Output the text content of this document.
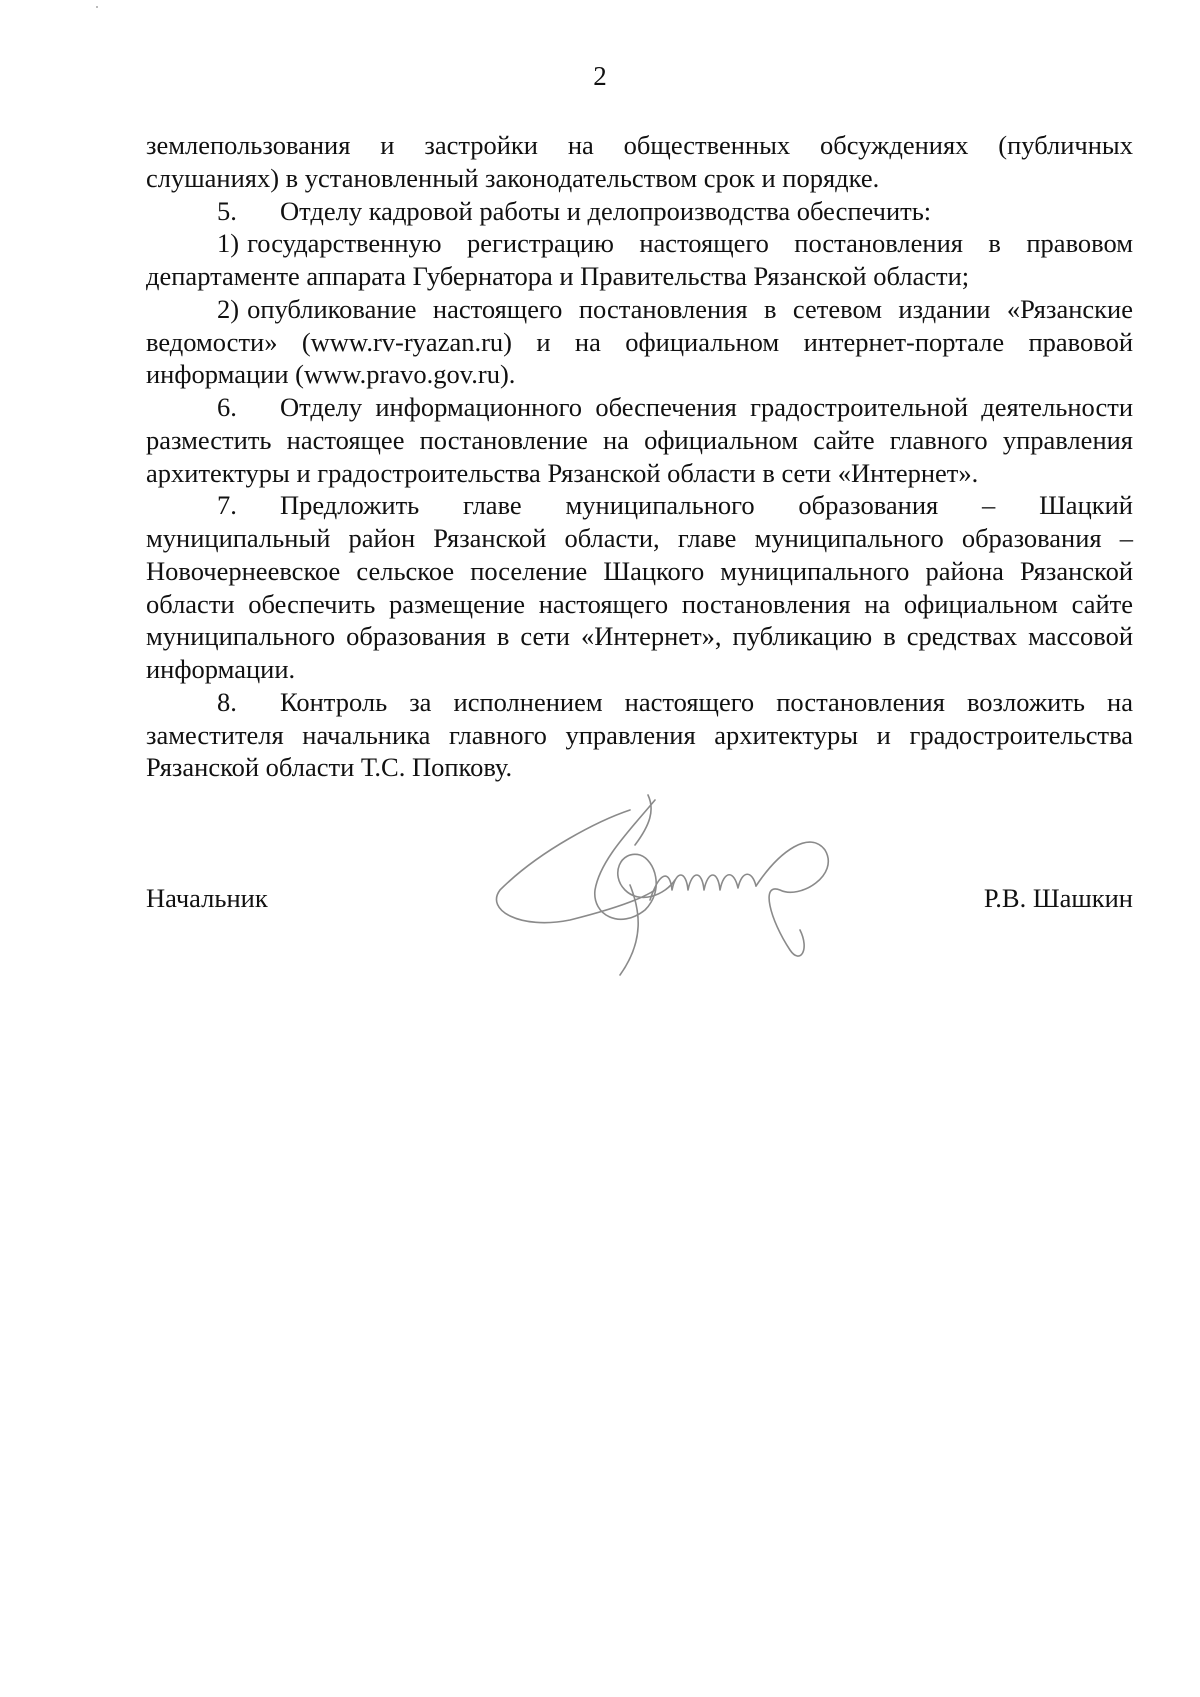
2

землепользования и застройки на общественных обсуждениях (публичных слушаниях) в установленный законодательством срок и порядке.

5. Отделу кадровой работы и делопроизводства обеспечить:

1) государственную регистрацию настоящего постановления в правовом департаменте аппарата Губернатора и Правительства Рязанской области;

2) опубликование настоящего постановления в сетевом издании «Рязанские ведомости» (www.rv-ryazan.ru) и на официальном интернет-портале правовой информации (www.pravo.gov.ru).

6. Отделу информационного обеспечения градостроительной деятельности разместить настоящее постановление на официальном сайте главного управления архитектуры и градостроительства Рязанской области в сети «Интернет».

7. Предложить главе муниципального образования – Шацкий муниципальный район Рязанской области, главе муниципального образования – Новочернеевское сельское поселение Шацкого муниципального района Рязанской области обеспечить размещение настоящего постановления на официальном сайте муниципального образования в сети «Интернет», публикацию в средствах массовой информации.

8. Контроль за исполнением настоящего постановления возложить на заместителя начальника главного управления архитектуры и градостроительства Рязанской области Т.С. Попкову.

Начальник	Р.В. Шашкин
